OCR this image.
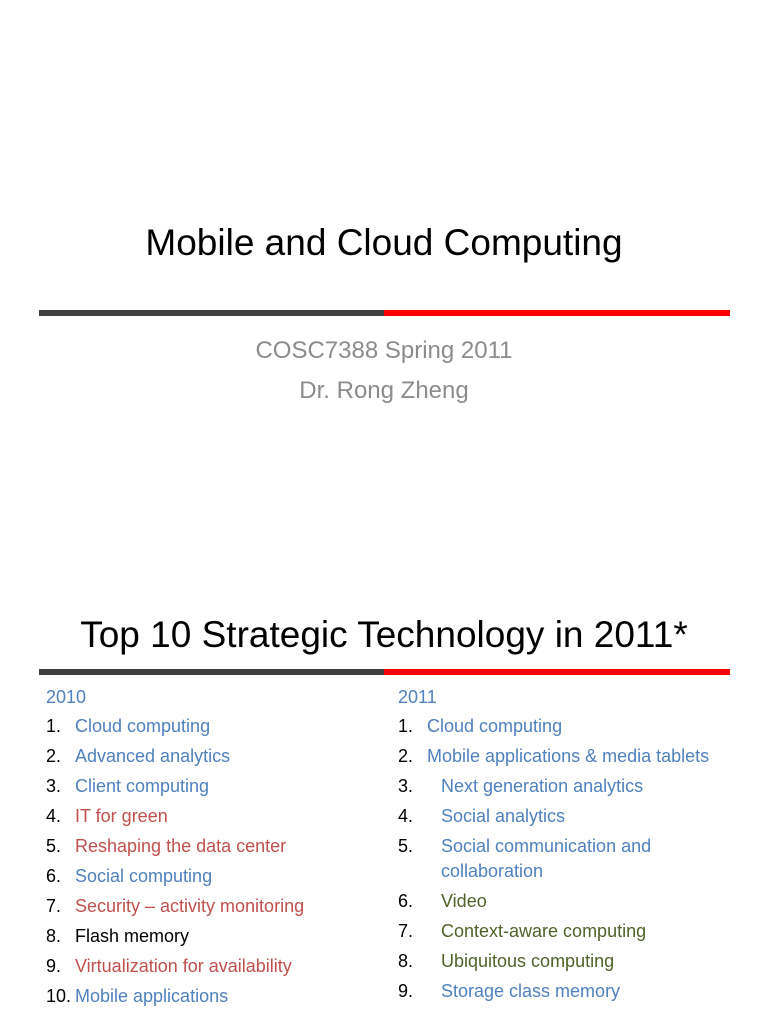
Mobile and Cloud Computing
COSC7388 Spring 2011
Dr. Rong Zheng
Top 10 Strategic Technology in 2011*
2010
1. Cloud computing
2. Advanced analytics
3. Client computing
4. IT for green
5. Reshaping the data center
6. Social computing
7. Security – activity monitoring
8. Flash memory
9. Virtualization for availability
10. Mobile applications
2011
1. Cloud computing
2. Mobile applications & media tablets
3.	Next generation analytics
4.	Social analytics
5.	Social communication and collaboration
6.	Video
7.	Context-aware computing
8.	Ubiquitous computing
9.	Storage class memory
